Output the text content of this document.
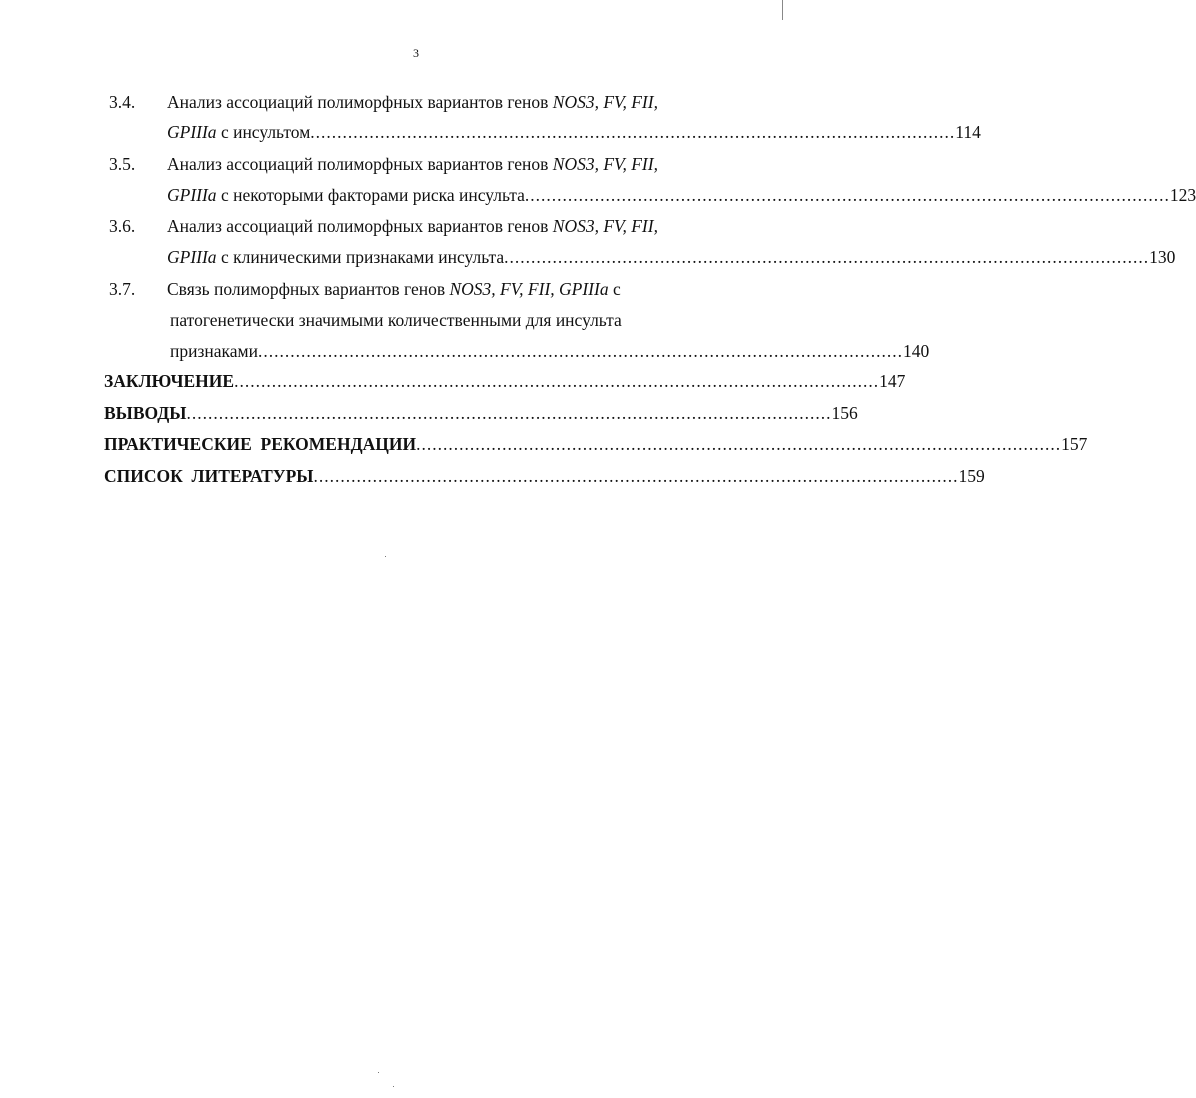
3
3.4. Анализ ассоциаций полиморфных вариантов генов NOS3, FV, FII,
GPIIIa с инсультом ........................................................................................................................ 114
3.5. Анализ ассоциаций полиморфных вариантов генов NOS3, FV, FII,
GPIIIa с некоторыми факторами риска инсульта ........................................................................................................................ 123
3.6. Анализ ассоциаций полиморфных вариантов генов NOS3, FV, FII,
GPIIIa с клиническими признаками инсульта ........................................................................................................................ 130
3.7. Связь полиморфных вариантов генов NOS3, FV, FII, GPIIIa с
патогенетически значимыми количественными для инсульта
признаками ........................................................................................................................ 140
ЗАКЛЮЧЕНИЕ ........................................................................................................................ 147
ВЫВОДЫ ........................................................................................................................ 156
ПРАКТИЧЕСКИЕ  РЕКОМЕНДАЦИИ ........................................................................................................................ 157
СПИСОК  ЛИТЕРАТУРЫ ........................................................................................................................ 159
